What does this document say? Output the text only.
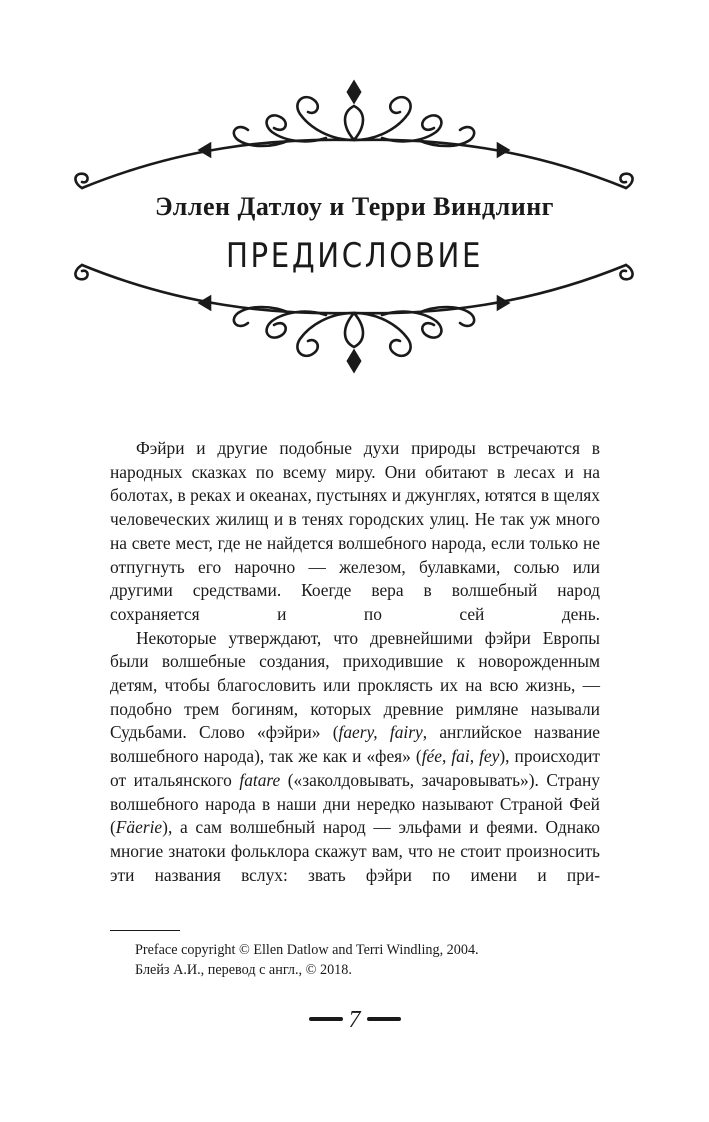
Эллен Датлоу и Терри Виндлинг
ПРЕДИСЛОВИЕ

Фэйри и другие подобные духи природы встречаются в народных сказках по всему миру. Они обитают в лесах и на болотах, в реках и океанах, пустынях и джунглях, ютятся в щелях человеческих жилищ и в тенях городских улиц. Не так уж много на свете мест, где не найдется волшебного народа, если только не отпугнуть его нарочно — железом, булавками, солью или другими средствами. Коегде вера в волшебный народ сохраняется и по сей день.

Некоторые утверждают, что древнейшими фэйри Европы были волшебные создания, приходившие к новорожденным детям, чтобы благословить или проклясть их на всю жизнь, — подобно трем богиням, которых древние римляне называли Судьбами. Слово «фэйри» (faery, fairy, английское название волшебного народа), так же как и «фея» (fée, fai, fey), происходит от итальянского fatare («заколдовывать, зачаровывать»). Страну волшебного народа в наши дни нередко называют Страной Фей (Fäerie), а сам волшебный народ — эльфами и феями. Однако многие знатоки фольклора скажут вам, что не стоит произносить эти названия вслух: звать фэйри по имени и при-

Preface copyright © Ellen Datlow and Terri Windling, 2004.
Блейз А.И., перевод с англ., © 2018.
7
